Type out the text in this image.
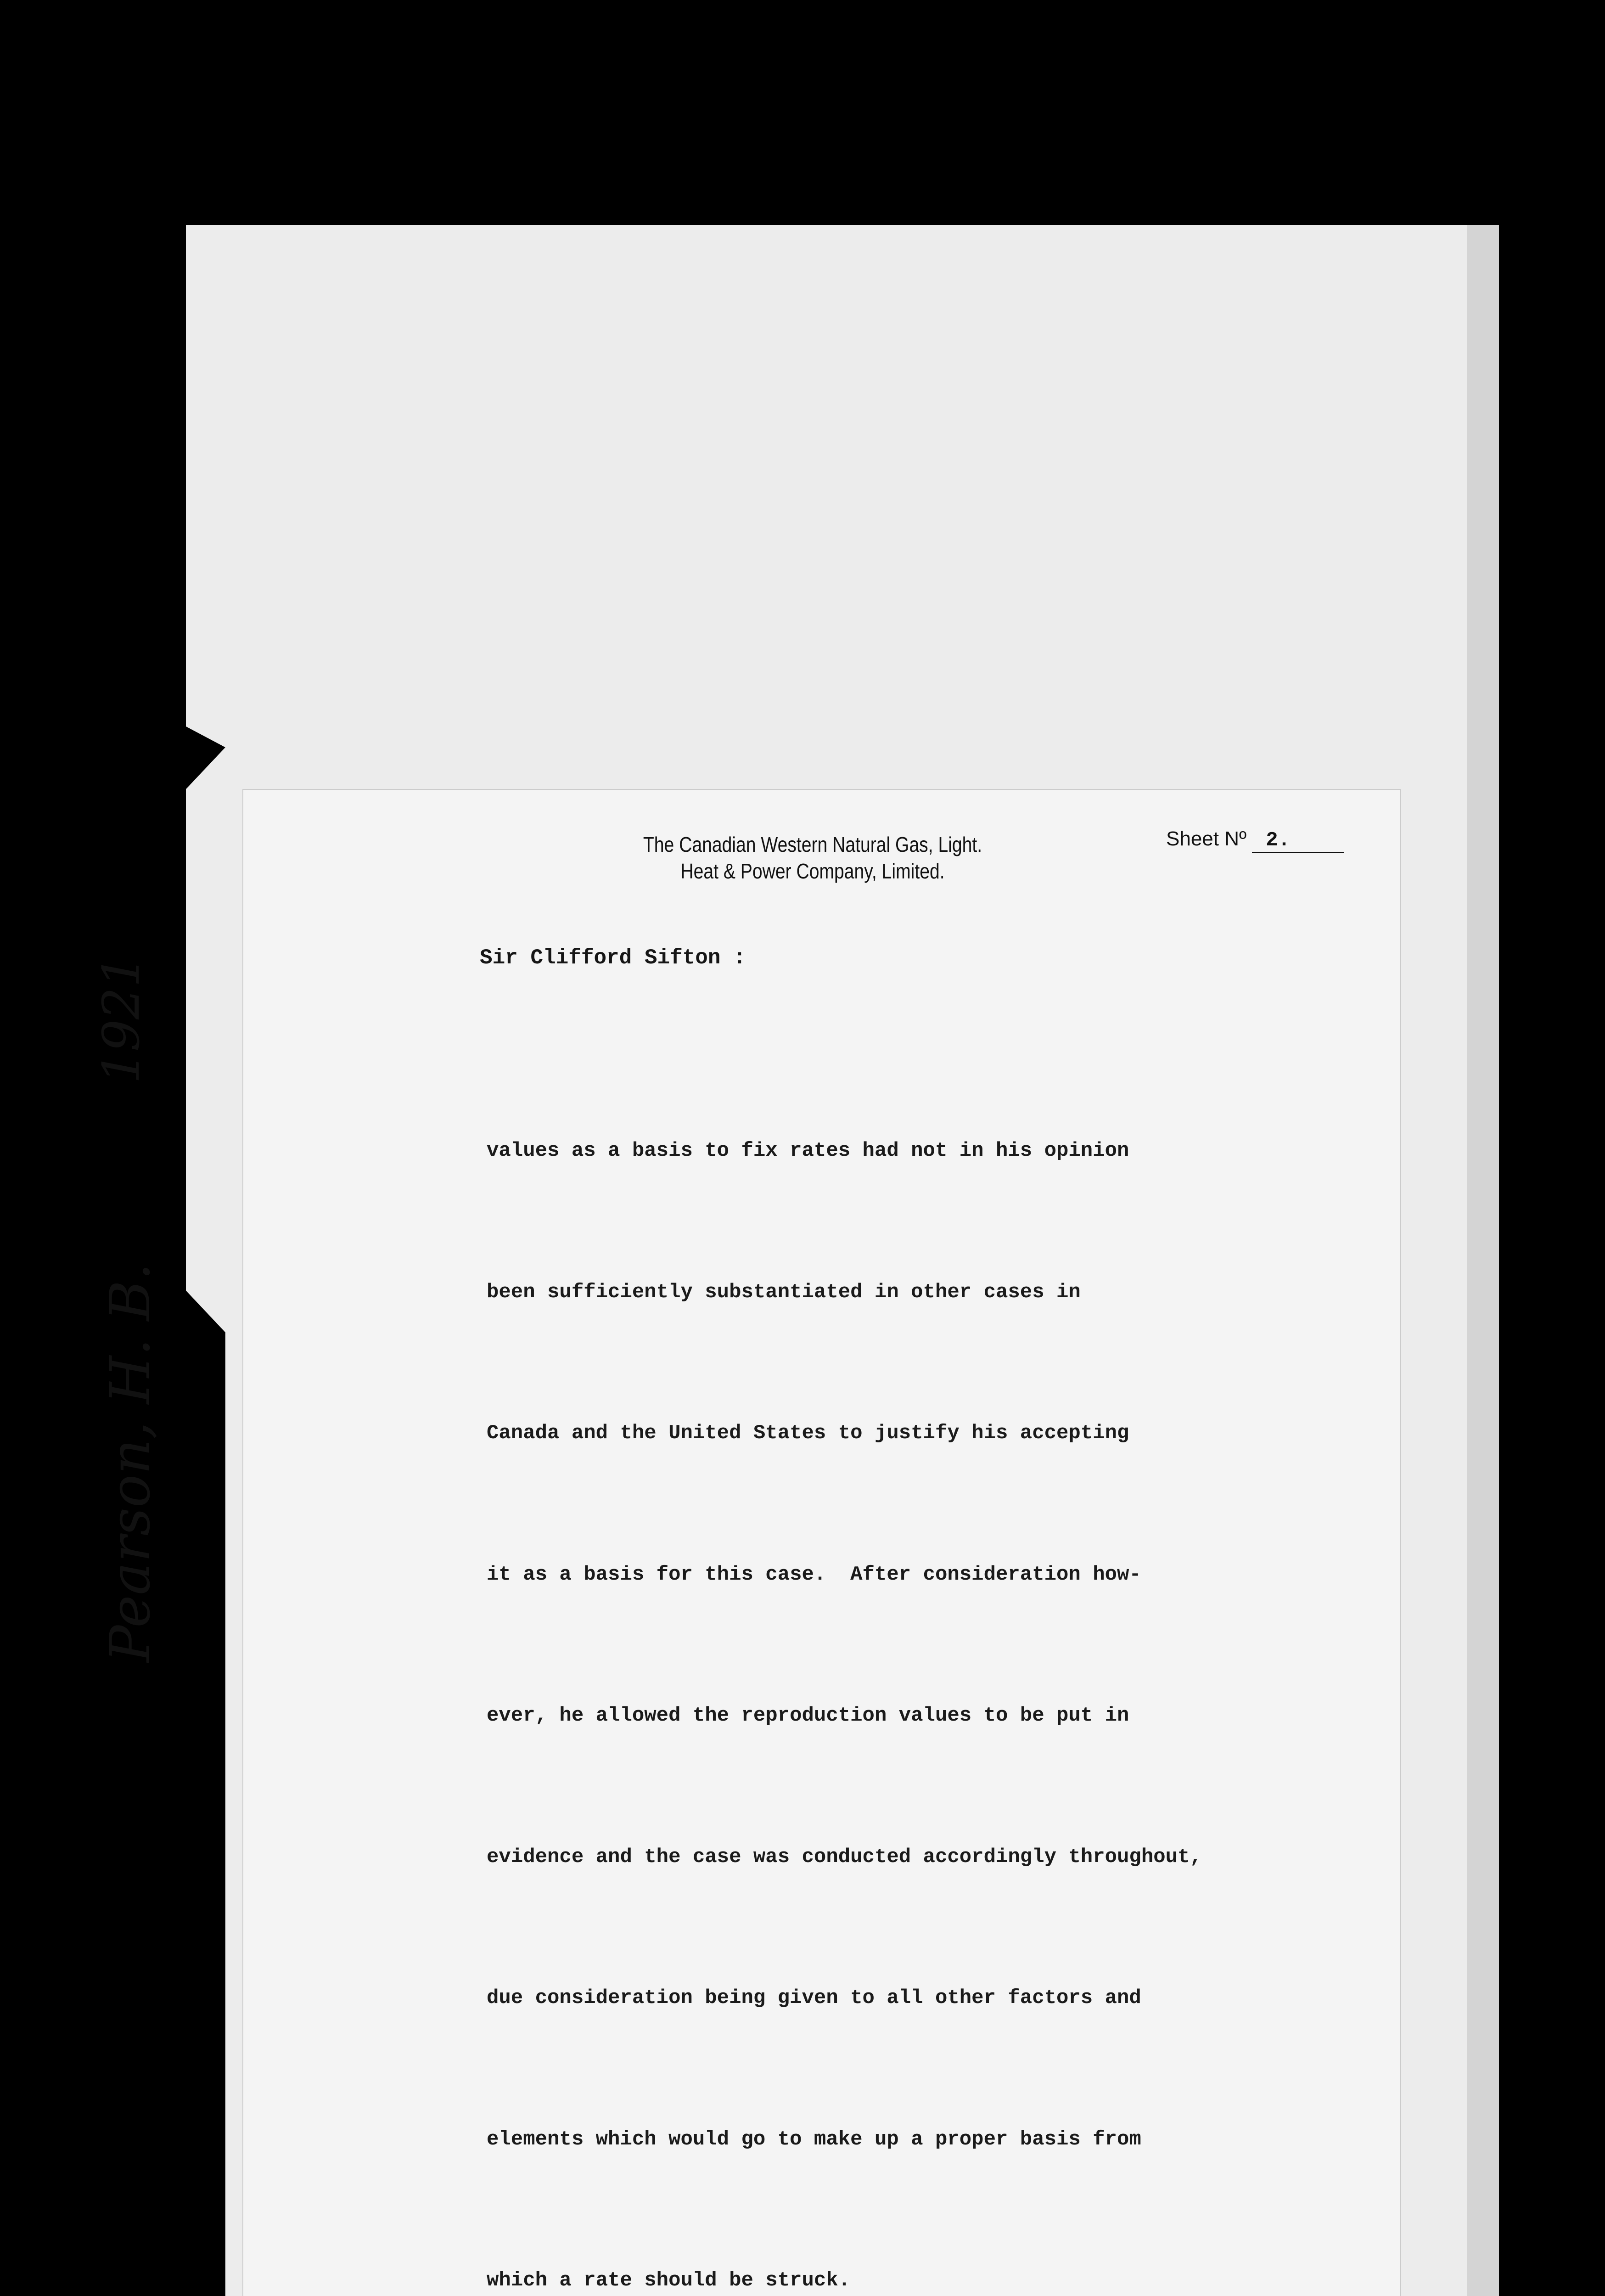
1921
Pearson, H. B.
The Canadian Western Natural Gas, Light.
Heat & Power Company, Limited.
Sheet Nº 2.
Sir Clifford Sifton :

values as a basis to fix rates had not in his opinion

been sufficiently substantiated in other cases in

Canada and the United States to justify his accepting

it as a basis for this case.  After consideration how-

ever, he allowed the reproduction values to be put in

evidence and the case was conducted accordingly throughout,

due consideration being given to all other factors and

elements which would go to make up a proper basis from

which a rate should be struck.
